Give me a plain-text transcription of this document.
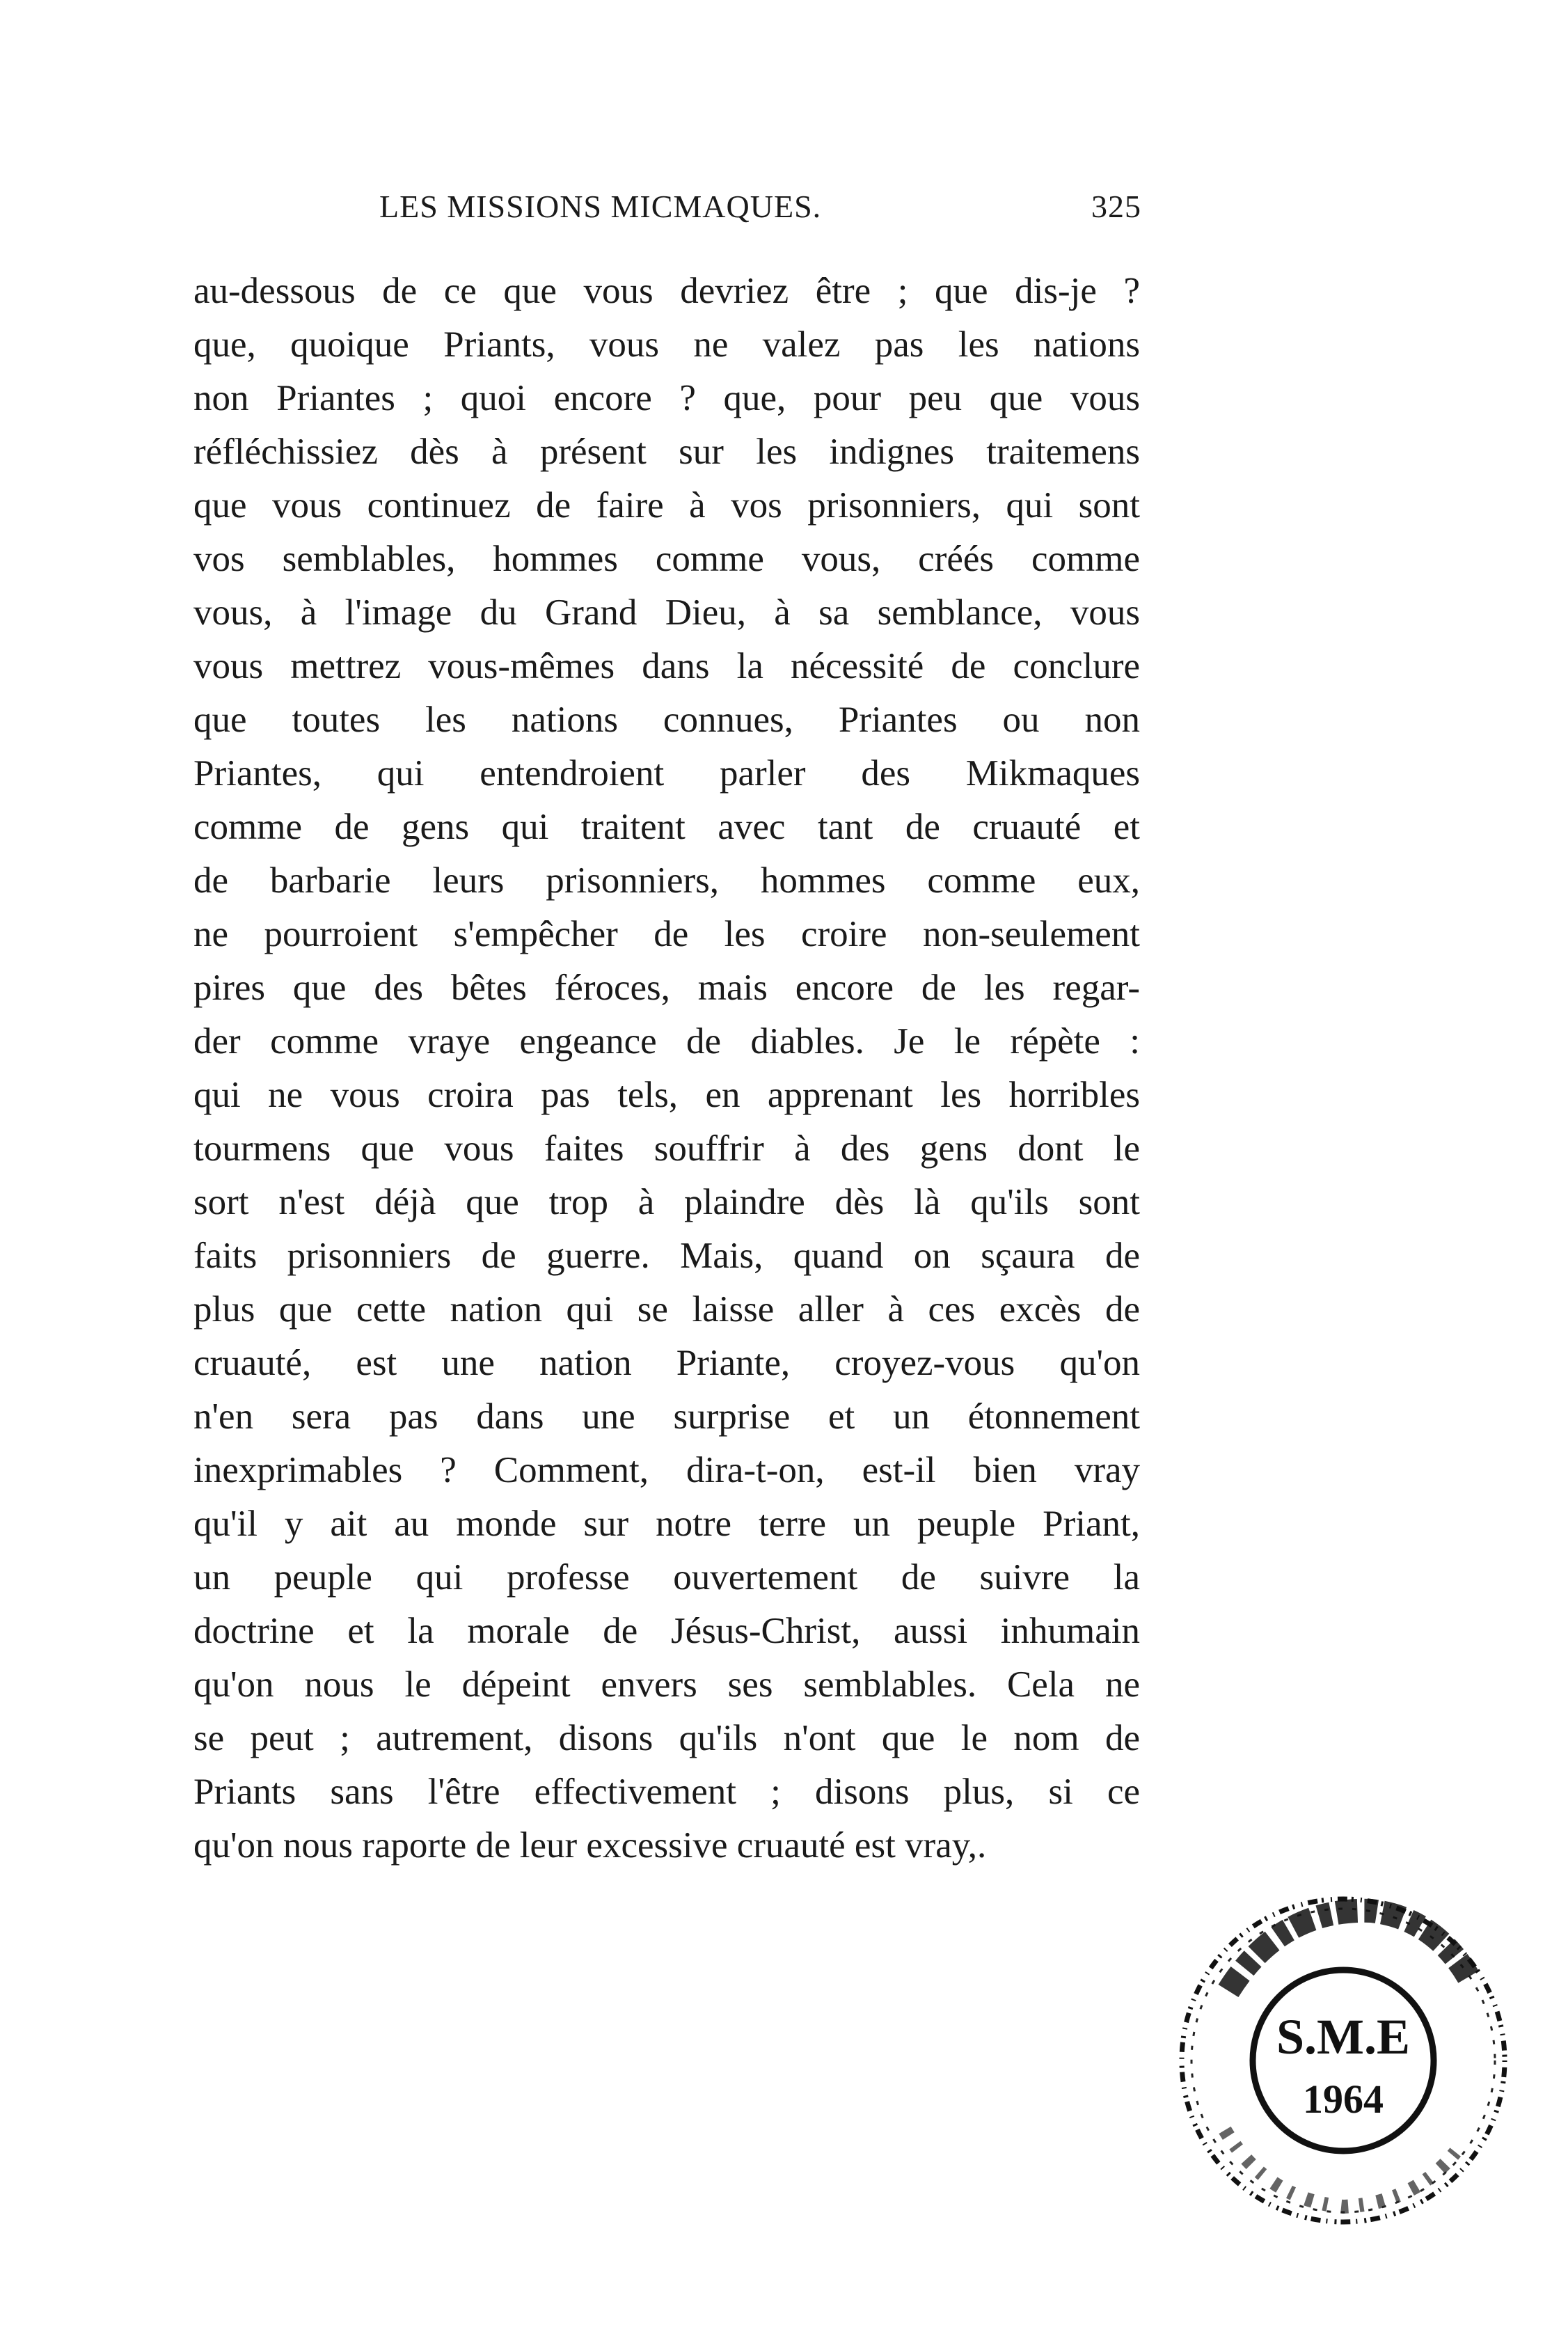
LES MISSIONS MICMAQUES.	325
au-dessous de ce que vous devriez être ; que dis-je ?
que, quoique Priants, vous ne valez pas les nations
non Priantes ; quoi encore ? que, pour peu que vous
réfléchissiez dès à présent sur les indignes traitemens
que vous continuez de faire à vos prisonniers, qui sont
vos semblables, hommes comme vous, créés comme
vous, à l'image du Grand Dieu, à sa semblance, vous
vous mettrez vous-mêmes dans la nécessité de conclure
que toutes les nations connues, Priantes ou non
Priantes, qui entendroient parler des Mikmaques
comme de gens qui traitent avec tant de cruauté et
de barbarie leurs prisonniers, hommes comme eux,
ne pourroient s'empêcher de les croire non-seulement
pires que des bêtes féroces, mais encore de les regar-
der comme vraye engeance de diables. Je le répète :
qui ne vous croira pas tels, en apprenant les horribles
tourmens que vous faites souffrir à des gens dont le
sort n'est déjà que trop à plaindre dès là qu'ils sont
faits prisonniers de guerre. Mais, quand on sçaura de
plus que cette nation qui se laisse aller à ces excès de
cruauté, est une nation Priante, croyez-vous qu'on
n'en sera pas dans une surprise et un étonnement
inexprimables ? Comment, dira-t-on, est-il bien vray
qu'il y ait au monde sur notre terre un peuple Priant,
un peuple qui professe ouvertement de suivre la
doctrine et la morale de Jésus-Christ, aussi inhumain
qu'on nous le dépeint envers ses semblables. Cela ne
se peut ; autrement, disons qu'ils n'ont que le nom de
Priants sans l'être effectivement ; disons plus, si ce
qu'on nous raporte de leur excessive cruauté est vray,.
S.M.E
1964
